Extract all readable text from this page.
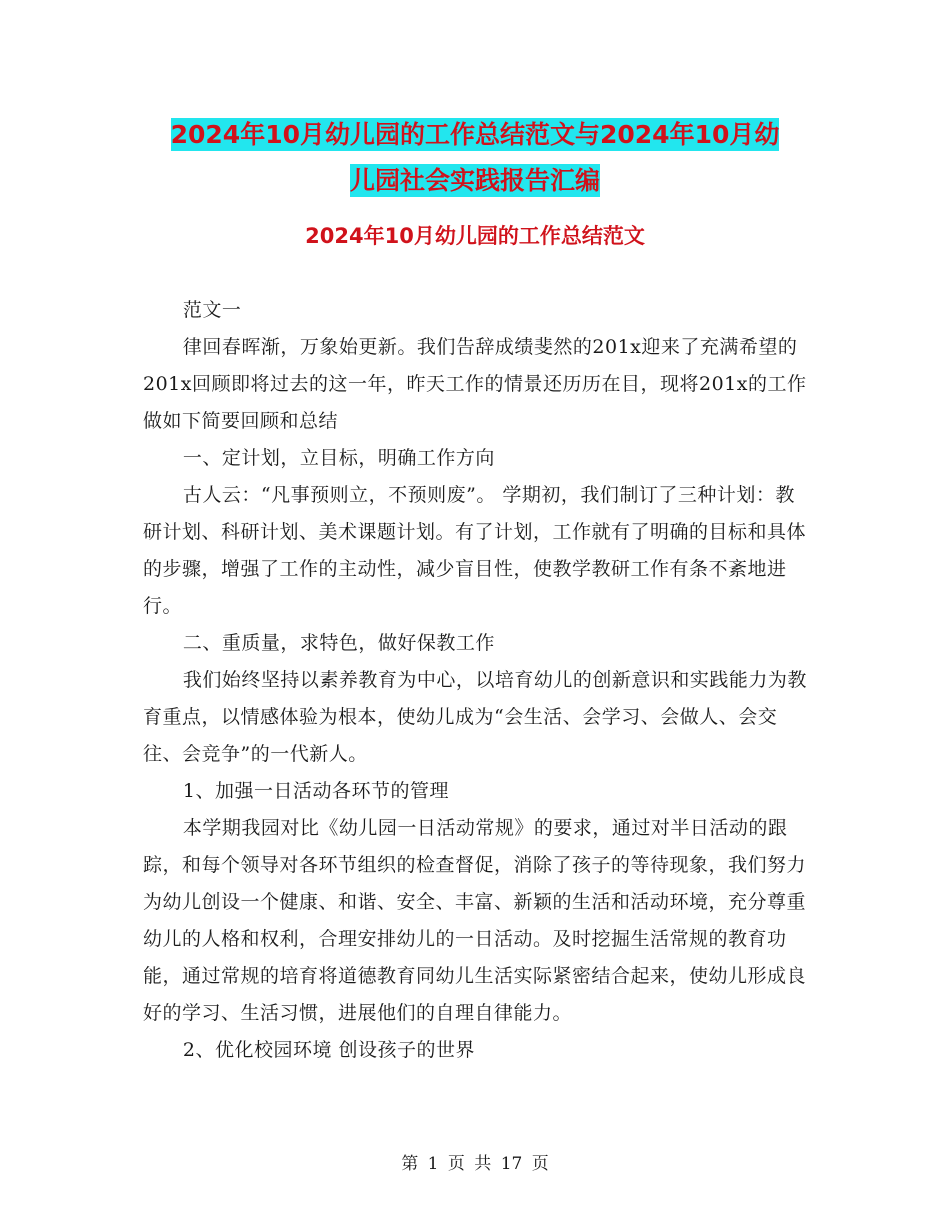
2024年10月幼儿园的工作总结范文与2024年10月幼
儿园社会实践报告汇编
2024年10月幼儿园的工作总结范文

范文一

律回春晖渐，万象始更新。我们告辞成绩斐然的201x迎来了充满希望的201x回顾即将过去的这一年，昨天工作的情景还历历在目，现将201x的工作做如下简要回顾和总结

一、定计划，立目标，明确工作方向

古人云：“凡事预则立，不预则废”。 学期初，我们制订了三种计划：教研计划、科研计划、美术课题计划。有了计划，工作就有了明确的目标和具体的步骤，增强了工作的主动性，减少盲目性，使教学教研工作有条不紊地进行。

二、重质量，求特色，做好保教工作

我们始终坚持以素养教育为中心，以培育幼儿的创新意识和实践能力为教育重点，以情感体验为根本，使幼儿成为“会生活、会学习、会做人、会交往、会竞争”的一代新人。

1、加强一日活动各环节的管理

本学期我园对比《幼儿园一日活动常规》的要求，通过对半日活动的跟踪，和每个领导对各环节组织的检查督促，消除了孩子的等待现象，我们努力为幼儿创设一个健康、和谐、安全、丰富、新颖的生活和活动环境，充分尊重幼儿的人格和权利，合理安排幼儿的一日活动。及时挖掘生活常规的教育功能，通过常规的培育将道德教育同幼儿生活实际紧密结合起来，使幼儿形成良好的学习、生活习惯，进展他们的自理自律能力。

2、优化校园环境 创设孩子的世界

第 1 页 共 17 页
